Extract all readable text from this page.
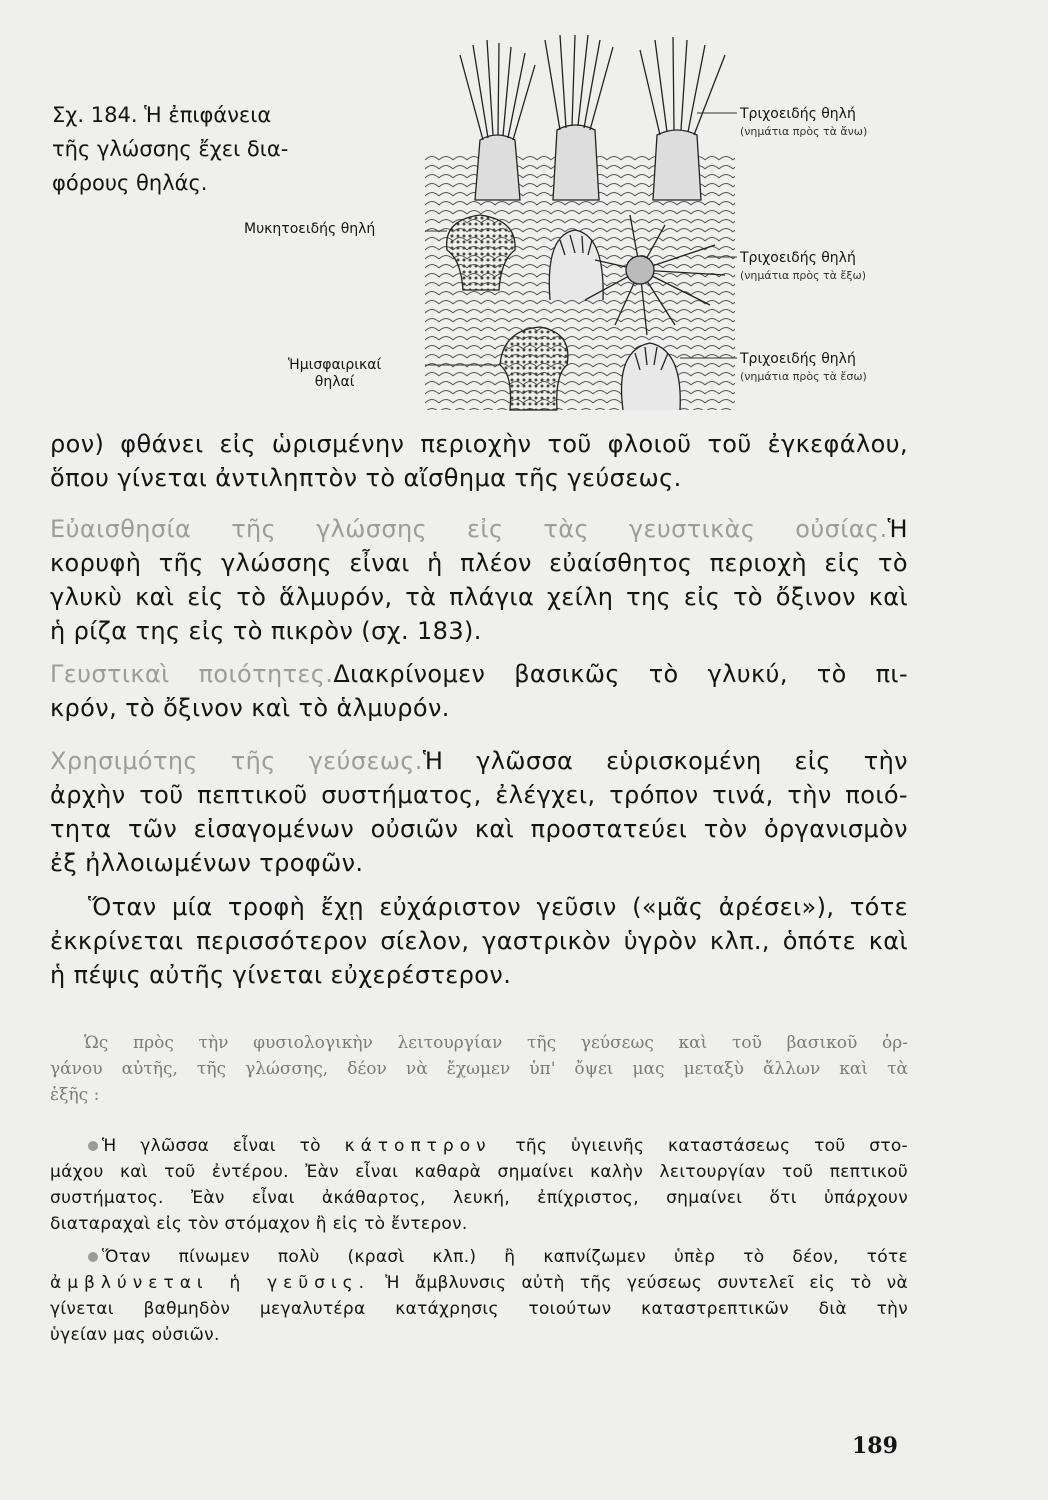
Σχ. 184. Ἡ ἐπιφάνεια
τῆς γλώσσης ἔχει δια-
φόρους θηλάς.
Μυκητοειδής θηλή
Ἡμισφαιρικαί
θηλαί
Τριχοειδής θηλή
(νημάτια πρὸς τὰ ἄνω)
Τριχοειδής θηλή
(νημάτια πρὸς τὰ ἔξω)
Τριχοειδής θηλή
(νημάτια πρὸς τὰ ἔσω)
ρον) φθάνει εἰς ὡρισμένην περιοχὴν τοῦ φλοιοῦ τοῦ ἐγκεφάλου,
ὅπου γίνεται ἀντιληπτὸν τὸ αἴσθημα τῆς γεύσεως.
Εὐαισθησία τῆς γλώσσης εἰς τὰς γευστικὰς οὐσίας.Ἡ
κορυφὴ τῆς γλώσσης εἶναι ἡ πλέον εὐαίσθητος περιοχὴ εἰς τὸ
γλυκὺ καὶ εἰς τὸ ἅλμυρόν, τὰ πλάγια χείλη της εἰς τὸ ὄξινον καὶ
ἡ ρίζα της εἰς τὸ πικρὸν (σχ. 183).
Γευστικαὶ ποιότητες.Διακρίνομεν βασικῶς τὸ γλυκύ, τὸ πι-
κρόν, τὸ ὄξινον καὶ τὸ ἁλμυρόν.
Χρησιμότης τῆς γεύσεως.Ἡ γλῶσσα εὑρισκομένη εἰς τὴν
ἀρχὴν τοῦ πεπτικοῦ συστήματος, ἐλέγχει, τρόπον τινά, τὴν ποιό-
τητα τῶν εἰσαγομένων οὐσιῶν καὶ προστατεύει τὸν ὀργανισμὸν
ἐξ ἠλλοιωμένων τροφῶν.
Ὅταν μία τροφὴ ἔχῃ εὐχάριστον γεῦσιν («μᾶς ἀρέσει»), τότε
ἐκκρίνεται περισσότερον σίελον, γαστρικὸν ὑγρὸν κλπ., ὁπότε καὶ
ἡ πέψις αὐτῆς γίνεται εὐχερέστερον.
Ὡς πρὸς τὴν φυσιολογικὴν λειτουργίαν τῆς γεύσεως καὶ τοῦ βασικοῦ ὀρ-
γάνου αὐτῆς, τῆς γλώσσης, δέον νὰ ἔχωμεν ὑπ' ὄψει μας μεταξὺ ἄλλων καὶ τὰ
ἑξῆς :
Ἡ γλῶσσα εἶναι τὸ κάτοπτρον τῆς ὑγιεινῆς καταστάσεως τοῦ στο-
μάχου καὶ τοῦ ἐντέρου. Ἐὰν εἶναι καθαρὰ σημαίνει καλὴν λειτουργίαν τοῦ πεπτικοῦ
συστήματος. Ἐὰν εἶναι ἀκάθαρτος, λευκή, ἐπίχριστος, σημαίνει ὅτι ὑπάρχουν
διαταραχαὶ εἰς τὸν στόμαχον ἢ εἰς τὸ ἔντερον.
Ὅταν πίνωμεν πολὺ (κρασὶ κλπ.) ἢ καπνίζωμεν ὑπὲρ τὸ δέον, τότε
ἀμβλύνεται ἡ γεῦσις. Ἡ ἄμβλυνσις αὐτὴ τῆς γεύσεως συντελεῖ εἰς τὸ νὰ
γίνεται βαθμηδὸν μεγαλυτέρα κατάχρησις τοιούτων καταστρεπτικῶν διὰ τὴν
ὑγείαν μας οὐσιῶν.
189
